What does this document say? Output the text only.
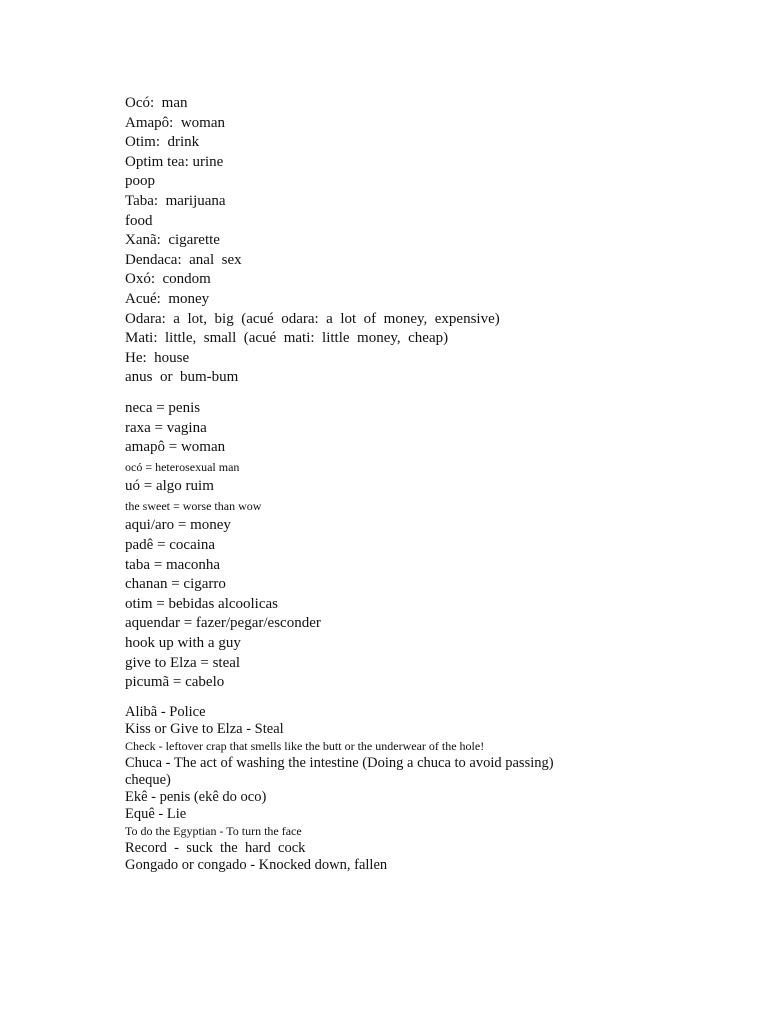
Ocó:  man
Amapô:  woman
Otim:  drink
Optim tea: urine
poop
Taba:  marijuana
food
Xanã:  cigarette
Dendaca:  anal  sex
Oxó:  condom
Acué:  money
Odara:  a  lot,  big  (acué  odara:  a  lot  of  money,  expensive)
Mati:  little,  small  (acué  mati:  little  money,  cheap)
He:  house
anus  or  bum-bum
neca = penis
raxa = vagina
amapô = woman
ocó = heterosexual man
uó = algo ruim
the sweet = worse than wow
aqui/aro = money
padê = cocaina
taba = maconha
chanan = cigarro
otim = bebidas alcoolicas
aquendar = fazer/pegar/esconder
hook up with a guy
give to Elza = steal
picumã = cabelo
Alibã - Police
Kiss or Give to Elza - Steal
Check - leftover crap that smells like the butt or the underwear of the hole!
Chuca - The act of washing the intestine (Doing a chuca to avoid passing)
cheque)
Ekê - penis (ekê do oco)
Equê - Lie
To do the Egyptian - To turn the face
Record  -  suck  the  hard  cock
Gongado or congado - Knocked down, fallen
